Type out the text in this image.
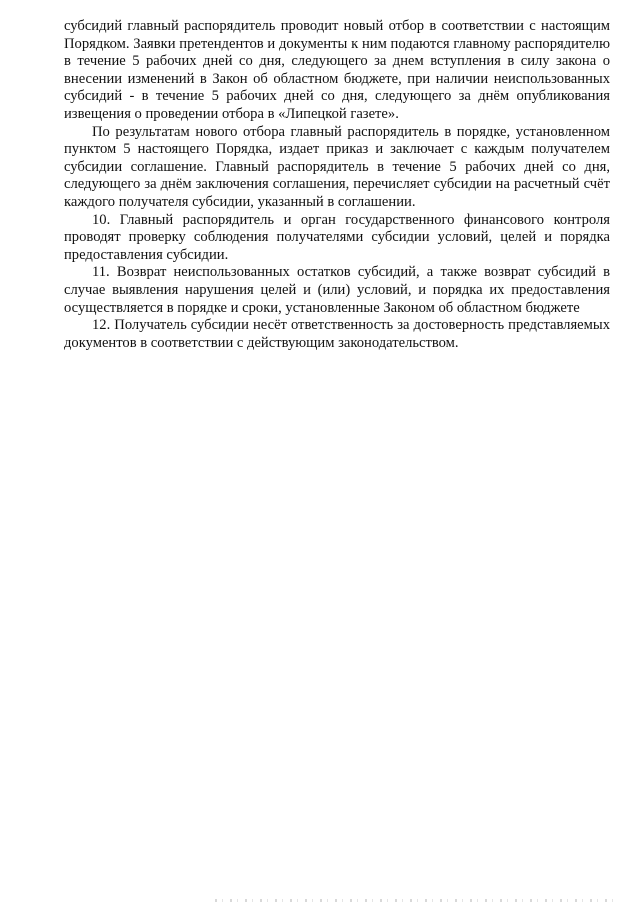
субсидий главный распорядитель проводит новый отбор в соответствии с настоящим Порядком. Заявки претендентов и документы к ним подаются главному распорядителю в течение 5 рабочих дней со дня, следующего за днем вступления в силу закона о внесении изменений в Закон об областном бюджете, при наличии неиспользованных субсидий - в течение 5 рабочих дней со дня, следующего за днём опубликования извещения о проведении отбора в «Липецкой газете».

По результатам нового отбора главный распорядитель в порядке, установленном пунктом 5 настоящего Порядка, издает приказ и заключает с каждым получателем субсидии соглашение. Главный распорядитель в течение 5 рабочих дней со дня, следующего за днём заключения соглашения, перечисляет субсидии на расчетный счёт каждого получателя субсидии, указанный в соглашении.

10. Главный распорядитель и орган государственного финансового контроля проводят проверку соблюдения получателями субсидии условий, целей и порядка предоставления субсидии.

11. Возврат неиспользованных остатков субсидий, а также возврат субсидий в случае выявления нарушения целей и (или) условий, и порядка их предоставления осуществляется в порядке и сроки, установленные Законом об областном бюджете

12. Получатель субсидии несёт ответственность за достоверность представляемых документов в соответствии с действующим законодательством.
